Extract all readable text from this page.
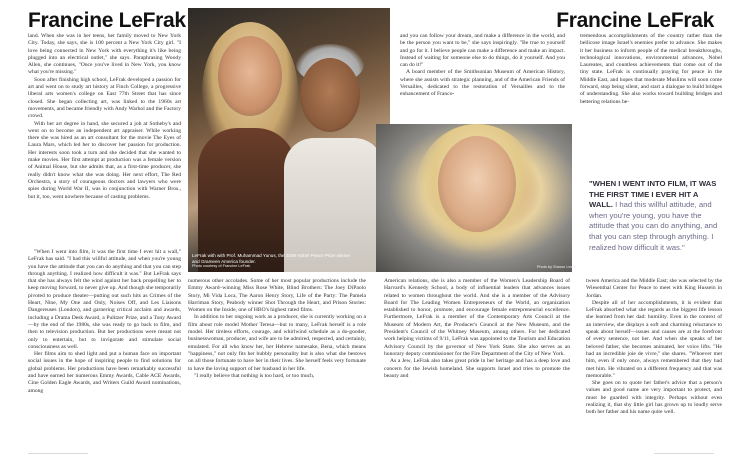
Francine LeFrak	Francine LeFrak

land. When she was in her teens, her family moved to New York City. Today, she says, she is 100 percent a New York City girl. "I love being connected in New York with everything it's like being plugged into an electrical outlet," she says. Paraphrasing Woody Allen, she continues, "Once you've lived in New York, you know what you're missing."

Soon after finishing high school, LeFrak developed a passion for art and went on to study art history at Finch College, a progressive liberal arts women's college on East 77th Street that has since closed. She began collecting art, was linked to the 1960s art movements, and became friendly with Andy Warhol and the Factory crowd.

With her art degree in hand, she secured a job at Sotheby's and went on to become an independent art appraiser. While working there she was hired as an art consultant for the movie The Eyes of Laura Mars, which led her to discover her passion for production. Her interests soon took a turn and she decided that she wanted to make movies. Her first attempt at production was a female version of Animal House, but she admits that, as a first-time producer, she really didn't know what she was doing. Her next effort, The Red Orchestra, a story of courageous doctors and lawyers who were spies during World War II, was in conjunction with Warner Bros., but it, too, went nowhere because of casting problems.

"When I went into film, it was the first time I ever hit a wall," LeFrak has said. "I had this willful attitude, and when you're young you have the attitude that you can do anything and that you can step through anything. I realized how difficult it was." But LeFrak says that she has always felt the wind against her back propelling her to keep moving forward, to never give up. And though she temporarily pivoted to produce theater—putting out such hits as Crimes of the Heart, Nine, My One and Only, Noises Off, and Les Liaisons Dangereuses (London), and garnering critical acclaim and awards, including a Drama Desk Award, a Pulitzer Prize, and a Tony Award—by the end of the 1980s, she was ready to go back to film, and then to television production. But her productions were meant not only to entertain, but to invigorate and stimulate social consciousness as well.

Her films aim to shed light and put a human face on important social issues in the hope of inspiring people to find solutions for global problems. Her productions have been remarkably successful and have earned her numerous Emmy Awards, Cable ACE Awards, Cine Golden Eagle Awards, and Writers Guild Award nominations, among

numerous other accolades. Some of her most popular productions include the Emmy Award–winning Miss Rose White, Blind Brothers: The Joey DiPaolo Story, Mi Vida Loca, The Aaron Henry Story, Life of the Party: The Pamela Harriman Story, Peabody winner Shot Through the Heart, and Prison Stories: Women on the Inside, one of HBO's highest rated films.

In addition to her ongoing work as a producer, she is currently working on a film about role model Mother Teresa—but to many, LeFrak herself is a role model. Her tireless efforts, courage, and whirlwind schedule as a do-gooder, businesswoman, producer, and wife are to be admired, respected, and certainly, emulated. For all who know her, her Hebrew namesake, Bena, which means "happiness," not only fits her bubbly personality but is also what she bestows on all those fortunate to have her in their lives. She herself feels very fortunate to have the loving support of her husband in her life.

"I really believe that nothing is too hard, or too much,

LeFrak with with Prof. Muhammad Yunus, the 2006 Nobel Peace Prize winner and Grameen America founder.
Photo courtesy of Francine LeFrak

and you can follow your dream, and make a difference in the world, and be the person you want to be," she says inspiringly. "Be true to yourself and go for it. I believe people can make a difference and make an impact. Instead of waiting for someone else to do things, do it yourself. And you can do it!"

A board member of the Smithsonian Museum of American History, where she assists with strategic planning, and of the American Friends of Versailles, dedicated to the restoration of Versailles and to the enhancement of Franco-

Photo by Sharon Lewin

American relations, she is also a member of the Women's Leadership Board of Harvard's Kennedy School, a body of influential leaders that advances issues related to women throughout the world. And she is a member of the Advisory Board for The Leading Women Entrepreneurs of the World, an organization established to honor, promote, and encourage female entrepreneurial excellence. Furthermore, LeFrak is a member of the Contemporary Arts Council at the Museum of Modern Art, the Producer's Council at the New Museum, and the President's Council of the Whitney Museum, among others. For her dedicated work helping victims of 9/11, LeFrak was appointed to the Tourism and Education Advisory Council by the governor of New York State. She also serves as an honorary deputy commissioner for the Fire Department of the City of New York.

As a Jew, LeFrak also takes great pride in her heritage and has a deep love and concern for the Jewish homeland. She supports Israel and tries to promote the beauty and

tremendous accomplishments of the country rather than the bellicose image Israel's enemies prefer to advance. She makes it her business to inform people of the medical breakthroughs, technological innovations, environmental advances, Nobel Laureates, and countless achievements that come out of the tiny state. LeFrak is continually praying for peace in the Middle East, and hopes that moderate Muslims will soon come forward, stop being silent, and start a dialogue to build bridges of understanding. She also works toward building bridges and bettering relations be-

"WHEN I WENT INTO FILM, IT WAS THE FIRST TIME I EVER HIT A WALL. I had this willful attitude, and when you're young, you have the attitude that you can do anything, and that you can step through anything. I realized how difficult it was."

tween America and the Middle East; she was selected by the Wiesenthal Center for Peace to meet with King Hussein in Jordan.

Despite all of her accomplishments, it is evident that LeFrak absorbed what she regards as the biggest life lesson she learned from her dad: humility. Even in the context of an interview, she displays a soft and charming reluctance to speak about herself—issues and causes are at the forefront of every sentence, not her. And when she speaks of her beloved father, she becomes animated, her voice lifts. "He had an incredible joie de vivre," she shares. "Whoever met him, even if only once, always remembered that they had met him. He vibrated on a different frequency and that was memorable."

She goes on to quote her father's advice that a person's values and good name are very important to protect, and must be guarded with integrity. Perhaps without even realizing it, that shy little girl has grown up to loudly serve both her father and his name quite well.
